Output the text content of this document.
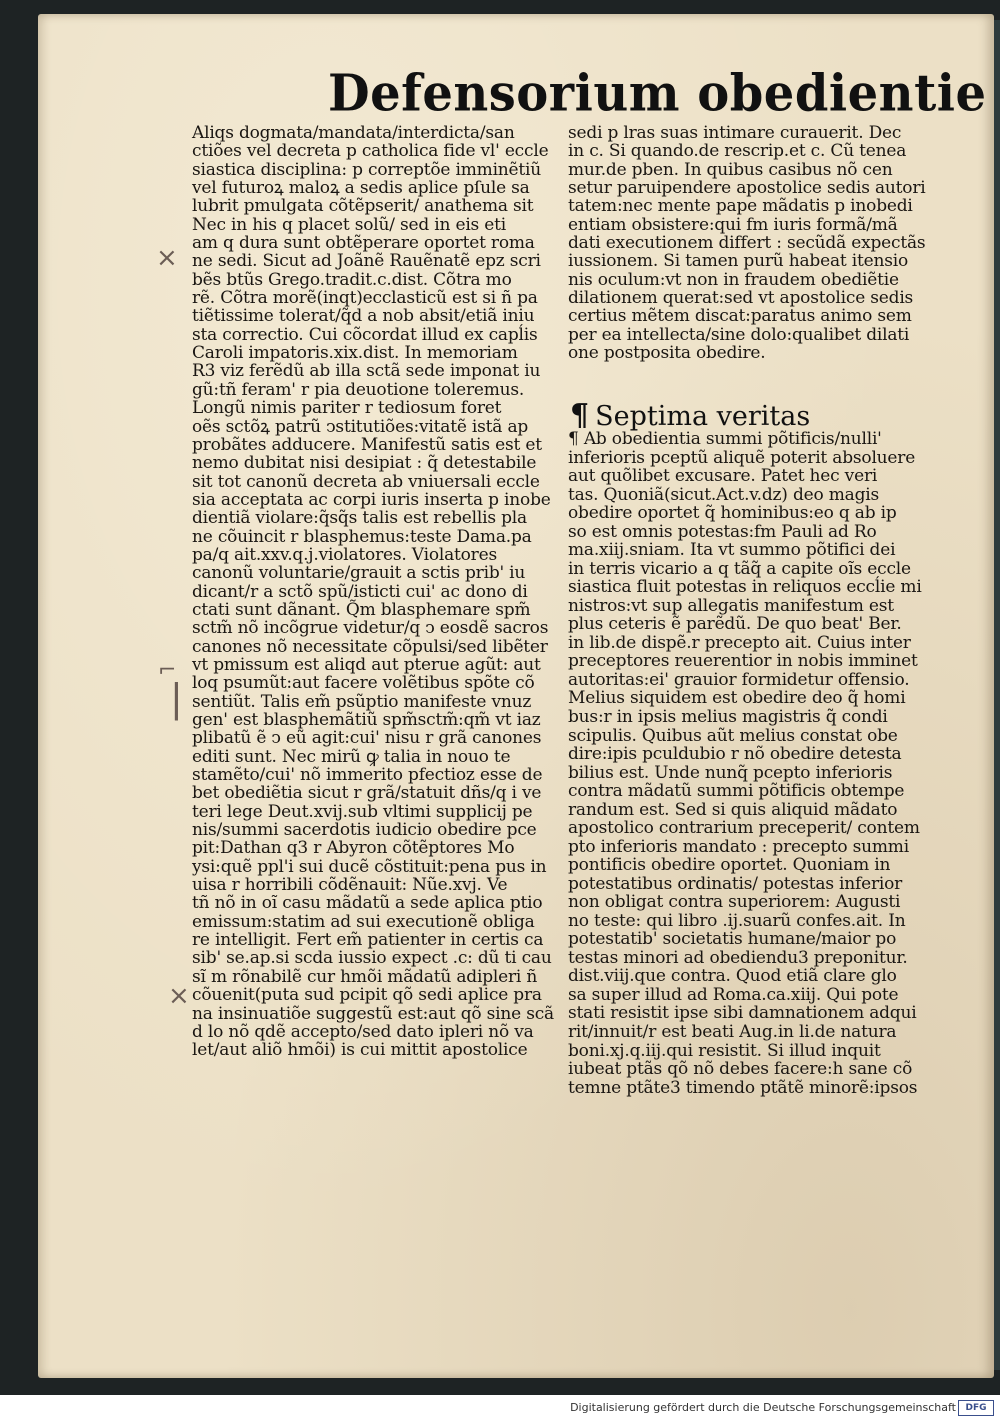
Defensorium obedientie
Aliqs dogmata/mandata/interdicta/san
ctiões vel decreta p catholica fide vl' eccle
siastica disciplina: p correptõe imminẽtiũ
vel futuroꝝ maloꝝ a sedis aplice pſule sa
lubrit pmulgata cõtẽpserit/ anathema sit
Nec in his q placet solũ/ sed in eis eti
am q dura sunt obtẽperare oportet roma
ne sedi. Sicut ad Joãnẽ Rauẽnatẽ epz scri
bẽs btũs Grego.tradit.c.dist. Cõtra mo
rẽ. Cõtra morẽ(inqt)ecclasticũ est si ñ pa
tiẽtissime tolerat/q̃d a nob absit/etiã iniu
sta correctio. Cui cõcordat illud ex capĺis
Caroli impatoris.xix.dist. In memoriam
R3 viz ferẽdũ ab illa sctã sede imponat iu
gũ:tñ feram' r pia deuotione toleremus.
Longũ nimis pariter r tediosum foret
oẽs sctõꝝ patrũ ↄstitutiões:vitatẽ istã ap
probãtes adducere. Manifestũ satis est et
nemo dubitat nisi desipiat : q̃ detestabile
sit tot canonũ decreta ab vniuersali eccle
sia acceptata ac corpi iuris inserta p inobe
dientiã violare:q̃sq̃s talis est rebellis pla
ne cõuincit r blasphemus:teste Dama.pa
pa/q ait.xxv.q.j.violatores. Violatores
canonũ voluntarie/grauit a sctis prib' iu
dicant/r a sctõ spũ/isticti cui' ac dono di
ctati sunt dãnant. Q̃m blasphemare spm̃
sctm̃ nõ incõgrue videtur/q ↄ eosdẽ sacros
canones nõ necessitate cõpulsi/sed libẽter
vt pmissum est aliqd aut pterue agũt: aut
loq psumũt:aut facere volẽtibus spõte cõ
sentiũt. Talis em̃ psũptio manifeste vnuz
gen' est blasphemãtiũ spm̃sctm̃:qm̃ vt iaz
plibatũ ẽ ↄ eũ agit:cui' nisu r grã canones
editi sunt. Nec mirũ ꝙ talia in nouo te
stamẽto/cui' nõ immerito pfectioz esse de
bet obediẽtia sicut r grã/statuit dñs/q i ve
teri lege Deut.xvij.sub vltimi supplicij pe
nis/summi sacerdotis iudicio obedire pce
pit:Dathan q3 r Abyron cõtẽptores Mo
ysi:quẽ ppl'i sui ducẽ cõstituit:pena pus in
uisa r horribili cõdẽnauit: Nũe.xvj. Ve
tñ nõ in oĩ casu mãdatũ a sede aplica ptio
emissum:statim ad sui executionẽ obliga
re intelligit. Fert em̃ patienter in certis ca
sib' se.ap.si scda iussio expect .c: dũ ti cau
sĩ m rõnabilẽ cur hmõi mãdatũ adipleri ñ
cõuenit(puta sud pcipit qõ sedi aplice pra
na insinuatiõe suggestũ est:aut qõ sine scã
d lo nõ qdẽ accepto/sed dato ipleri nõ va
let/aut aliõ hmõi) is cui mittit apostolice
sedi p lras suas intimare curauerit. Dec
in c. Si quando.de rescrip.et c. Cũ tenea
mur.de pben. In quibus casibus nõ cen
setur paruipendere apostolice sedis autori
tatem:nec mente pape mãdatis p inobedi
entiam obsistere:qui fm iuris formã/mã
dati executionem differt : secũdã expectãs
iussionem. Si tamen purũ habeat itensio
nis oculum:vt non in fraudem obediẽtie
dilationem querat:sed vt apostolice sedis
certius mẽtem discat:paratus animo sem
per ea intellecta/sine dolo:qualibet dilati
one postposita obedire.
¶ Septima veritas
¶ Ab obedientia summi põtificis/nulli'
inferioris pceptũ aliquẽ poterit absoluere
aut quõlibet excusare. Patet hec veri
tas. Quoniã(sicut.Act.v.dz) deo magis
obedire oportet q̃ hominibus:eo q ab ip
so est omnis potestas:fm Pauli ad Ro
ma.xiij.sniam. Ita vt summo põtifici dei
in terris vicario a q tãq̃ a capite oĩs eccle
siastica fluit potestas in reliquos eccĺie mi
nistros:vt sup allegatis manifestum est
plus ceteris ẽ parẽdũ. De quo beat' Ber.
in lib.de dispẽ.r precepto ait. Cuius inter
preceptores reuerentior in nobis imminet
autoritas:ei' grauior formidetur offensio.
Melius siquidem est obedire deo q̃ homi
bus:r in ipsis melius magistris q̃ condi
scipulis. Quibus aũt melius constat obe
dire:ipis pculdubio r nõ obedire detesta
bilius est. Unde nunq̃ pcepto inferioris
contra mãdatũ summi põtificis obtempe
randum est. Sed si quis aliquid mãdato
apostolico contrarium preceperit/ contem
pto inferioris mandato : precepto summi
pontificis obedire oportet. Quoniam in
potestatibus ordinatis/ potestas inferior
non obligat contra superiorem: Augusti
no teste: qui libro .ij.suarũ confes.ait. In
potestatib' societatis humane/maior po
testas minori ad obediendu3 preponitur.
dist.viij.que contra. Quod etiã clare glo
sa super illud ad Roma.ca.xiij. Qui pote
stati resistit ipse sibi damnationem adqui
rit/innuit/r est beati Aug.in li.de natura
boni.xj.q.iij.qui resistit. Si illud inquit
iubeat ptãs qõ nõ debes facere:h sane cõ
temne ptãte3 timendo ptãtẽ minorẽ:ipsos
×
×
⌐
|
Digitalisierung gefördert durch die Deutsche Forschungsgemeinschaft	DFG
